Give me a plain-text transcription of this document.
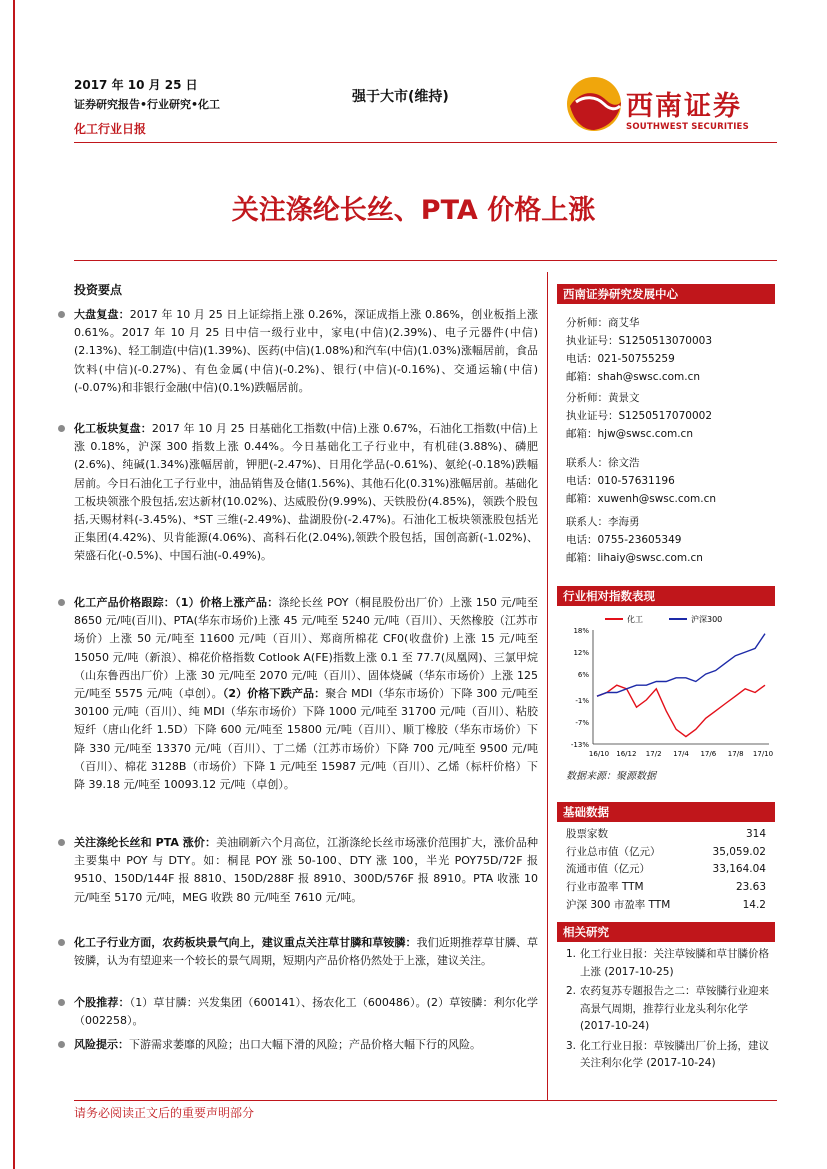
2017 年 10 月 25 日
证券研究报告•行业研究•化工
化工行业日报
强于大市(维持)	西南证券
SOUTHWEST SECURITIES
关注涤纶长丝、PTA 价格上涨
投资要点
大盘复盘：2017 年 10 月 25 日上证综指上涨 0.26%，深证成指上涨 0.86%，创业板指上涨 0.61%。2017 年 10 月 25 日中信一级行业中，家电(中信)(2.39%)、电子元器件(中信)(2.13%)、轻工制造(中信)(1.39%)、医药(中信)(1.08%)和汽车(中信)(1.03%)涨幅居前，食品饮料(中信)(-0.27%)、有色金属(中信)(-0.2%)、银行(中信)(-0.16%)、交通运输(中信)(-0.07%)和非银行金融(中信)(0.1%)跌幅居前。
化工板块复盘：2017 年 10 月 25 日基础化工指数(中信)上涨 0.67%，石油化工指数(中信)上涨 0.18%，沪深 300 指数上涨 0.44%。今日基础化工子行业中，有机硅(3.88%)、磷肥(2.6%)、纯碱(1.34%)涨幅居前，钾肥(-2.47%)、日用化学品(-0.61%)、氨纶(-0.18%)跌幅居前。今日石油化工子行业中，油品销售及仓储(1.56%)、其他石化(0.31%)涨幅居前。基础化工板块领涨个股包括,宏达新材(10.02%)、达威股份(9.99%)、天铁股份(4.85%)，领跌个股包括,天赐材料(-3.45%)、*ST 三维(-2.49%)、盐湖股份(-2.47%)。石油化工板块领涨股包括光正集团(4.42%)、贝肯能源(4.06%)、高科石化(2.04%),领跌个股包括，国创高新(-1.02%)、荣盛石化(-0.5%)、中国石油(-0.49%)。
化工产品价格跟踪：（1）价格上涨产品：涤纶长丝 POY（桐昆股份出厂价）上涨 150 元/吨至 8650 元/吨(百川)、PTA(华东市场价)上涨 45 元/吨至 5240 元/吨（百川）、天然橡胶（江苏市场价）上涨 50 元/吨至 11600 元/吨（百川）、郑商所棉花 CF0(收盘价) 上涨 15 元/吨至 15050 元/吨（新浪）、棉花价格指数 Cotlook A(FE)指数上涨 0.1 至 77.7(凤凰网)、三氯甲烷（山东鲁西出厂价）上涨 30 元/吨至 2070 元/吨（百川）、固体烧碱（华东市场价）上涨 125 元/吨至 5575 元/吨（卓创）。（2）价格下跌产品：聚合 MDI（华东市场价）下降 300 元/吨至 30100 元/吨（百川）、纯 MDI（华东市场价）下降 1000 元/吨至 31700 元/吨（百川）、粘胶短纤（唐山化纤 1.5D）下降 600 元/吨至 15800 元/吨（百川）、顺丁橡胶（华东市场价）下降 330 元/吨至 13370 元/吨（百川）、丁二烯（江苏市场价）下降 700 元/吨至 9500 元/吨（百川）、棉花 3128B（市场价）下降 1 元/吨至 15987 元/吨（百川）、乙烯（标杆价格）下降 39.18 元/吨至 10093.12 元/吨（卓创）。
关注涤纶长丝和 PTA 涨价：美油刷新六个月高位，江浙涤纶长丝市场涨价范围扩大，涨价品种主要集中 POY 与 DTY。如：桐昆 POY 涨 50-100、DTY 涨 100，半光 POY75D/72F 报 9510、150D/144F 报 8810、150D/288F 报 8910、300D/576F 报 8910。PTA 收涨 10 元/吨至 5170 元/吨，MEG 收跌 80 元/吨至 7610 元/吨。
化工子行业方面，农药板块景气向上，建议重点关注草甘膦和草铵膦：我们近期推荐草甘膦、草铵膦，认为有望迎来一个较长的景气周期，短期内产品价格仍然处于上涨，建议关注。
个股推荐：（1）草甘膦：兴发集团（600141）、扬农化工（600486）。(2）草铵膦：利尔化学（002258）。
风险提示：下游需求萎靡的风险；出口大幅下滑的风险；产品价格大幅下行的风险。
西南证券研究发展中心
分析师：商艾华
执业证号：S1250513070003
电话：021-50755259
邮箱：shah@swsc.com.cn
分析师：黄景文
执业证号：S1250517070002
邮箱：hjw@swsc.com.cn
联系人：徐文浩
电话：010-57631196
邮箱：xuwenh@swsc.com.cn
联系人：李海勇
电话：0755-23605349
邮箱：lihaiy@swsc.com.cn
行业相对指数表现
化工	沪深300
18%
12%
6%
-1%
-7%
-13%
16/10 16/12 17/2 17/4 17/6 17/8 17/10
数据来源：聚源数据
基础数据
股票家数	314
行业总市值（亿元）	35,059.02
流通市值（亿元）	33,164.04
行业市盈率 TTM	23.63
沪深 300 市盈率 TTM	14.2
相关研究
1. 化工行业日报：关注草铵膦和草甘膦价格上涨 (2017-10-25)
2. 农药复苏专题报告之二：草铵膦行业迎来高景气周期，推荐行业龙头利尔化学 (2017-10-24)
3. 化工行业日报：草铵膦出厂价上扬，建议关注利尔化学 (2017-10-24)
请务必阅读正文后的重要声明部分
